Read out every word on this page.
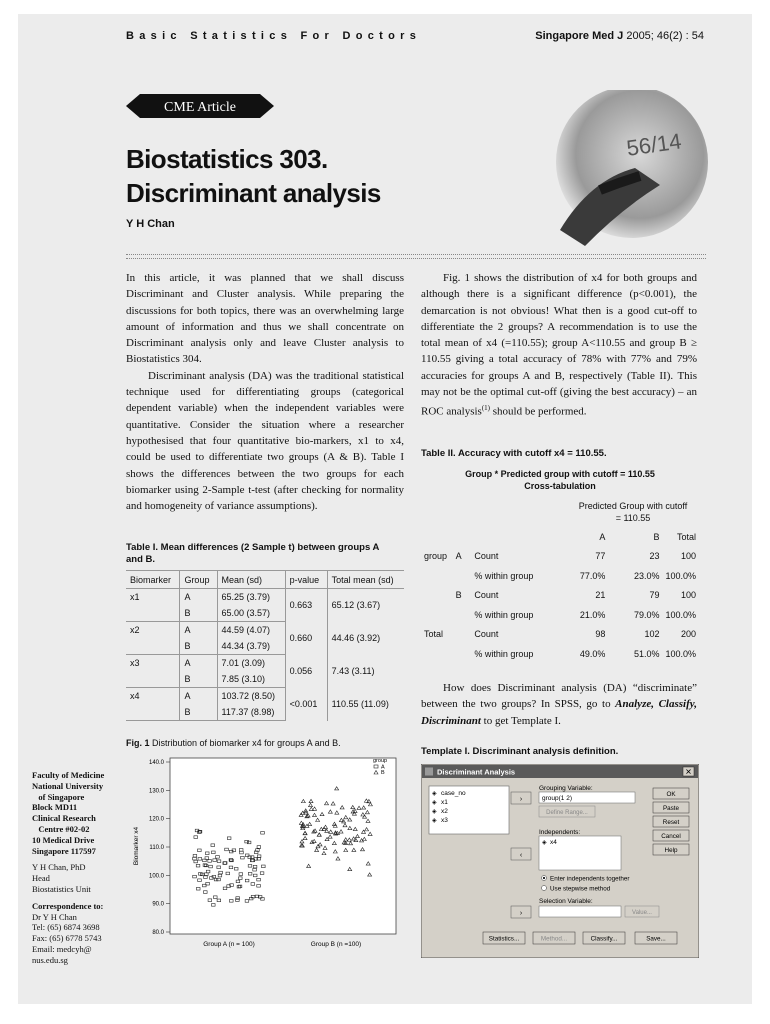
Basic Statistics For Doctors	Singapore Med J 2005; 46(2) : 54
CME Article
Biostatistics 303.
Discriminant analysis
Y H Chan
56/14

In this article, it was planned that we shall discuss Discriminant and Cluster analysis. While preparing the discussions for both topics, there was an overwhelming large amount of information and thus we shall concentrate on Discriminant analysis only and leave Cluster analysis to Biostatistics 304.

Discriminant analysis (DA) was the traditional statistical technique used for differentiating groups (categorical dependent variable) when the independent variables were quantitative. Consider the situation where a researcher hypothesised that four quantitative bio-markers, x1 to x4, could be used to differentiate two groups (A & B). Table I shows the differences between the two groups for each biomarker using 2-Sample t-test (after checking for normality and homogeneity of variance assumptions).

Fig. 1 shows the distribution of x4 for both groups and although there is a significant difference (p<0.001), the demarcation is not obvious! What then is a good cut-off to differentiate the 2 groups? A recommendation is to use the total mean of x4 (=110.55); group A<110.55 and group B ≥ 110.55 giving a total accuracy of 78% with 77% and 79% accuracies for groups A and B, respectively (Table II). This may not be the optimal cut-off (giving the best accuracy) – an ROC analysis$^{(1)}$ should be performed.

Table I. Mean differences (2 Sample t) between groups A and B.
Biomarker	Group	Mean (sd)	p-value	Total mean (sd)
x1	A	65.25 (3.79)	0.663	65.12 (3.67)
	B	65.00 (3.57)		
x2	A	44.59 (4.07)	0.660	44.46 (3.92)
	B	44.34 (3.79)		
x3	A	7.01 (3.09)	0.056	7.43 (3.11)
	B	7.85 (3.10)		
x4	A	103.72 (8.50)	<0.001	110.55 (11.09)
	B	117.37 (8.98)		
Fig. 1 Distribution of biomarker x4 for groups A and B.
80.0
90.0
100.0
110.0
120.0
130.0
140.0
Biomarker x4
Group A (n = 100)	Group B (n =100)
group
A
B
Table II. Accuracy with cutoff x4 = 110.55.
Group * Predicted group with cutoff = 110.55
Cross-tabulation
Predicted Group with cutoff
= 110.55
			A	B	Total
group	A	Count	77	23	100
		% within group	77.0%	23.0%	100.0%
	B	Count	21	79	100
		% within group	21.0%	79.0%	100.0%
Total		Count	98	102	200
		% within group	49.0%	51.0%	100.0%

How does Discriminant analysis (DA) “discriminate” between the two groups? In SPSS, go to Analyze, Classify, Discriminant to get Template I.

Template I. Discriminant analysis definition.
Discriminant Analysis	✕
case_no
x1
x2
x3
◈
◈
◈
◈
›
‹
›
Grouping Variable:
group(1 2)
Define Range...
Independents:
◈ x4
Enter independents together
Use stepwise method
Selection Variable:
Value...
OK
Paste
Reset
Cancel
Help
Statistics...	Method...	Classify...	Save...

Faculty of Medicine
National University
of Singapore
Block MD11
Clinical Research
Centre #02-02
10 Medical Drive
Singapore 117597

Y H Chan, PhD
Head
Biostatistics Unit

Correspondence to:
Dr Y H Chan
Tel: (65) 6874 3698
Fax: (65) 6778 5743
Email: medcyh@
nus.edu.sg
